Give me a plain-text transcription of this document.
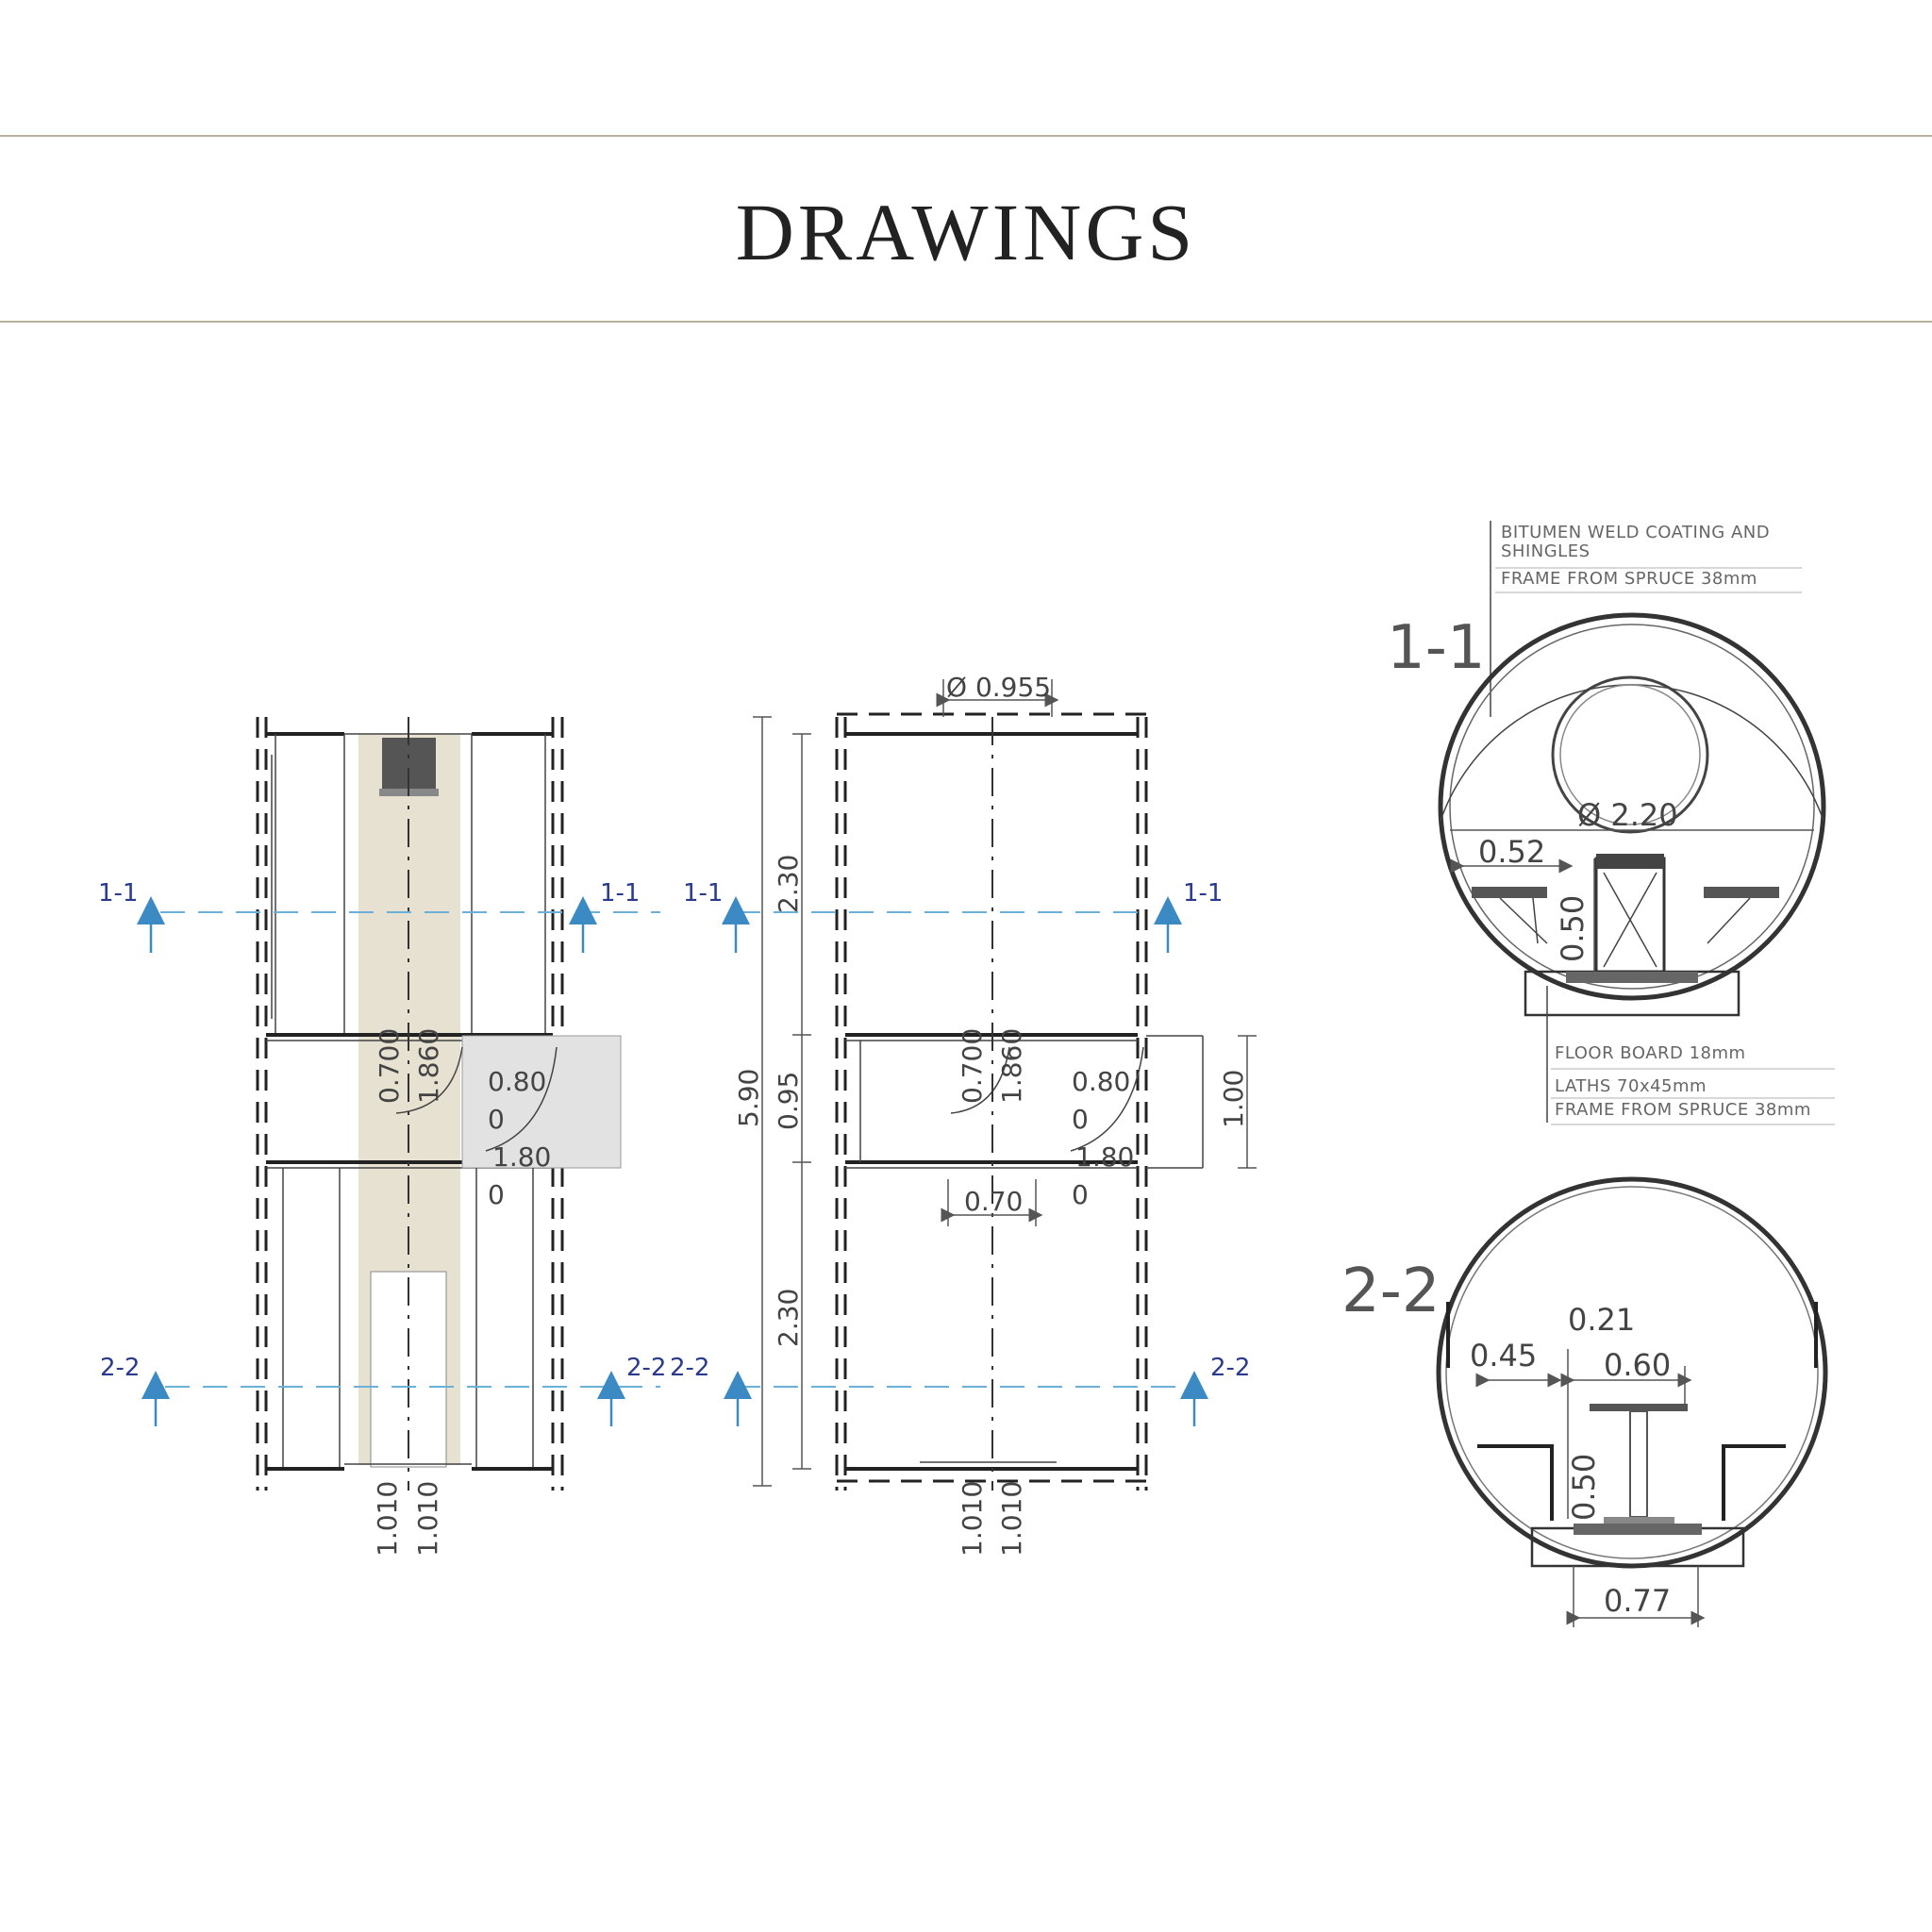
DRAWINGS
1-1	1-1
2-2	2-2
0.700 1.860 0.80
0
1.80
0
1.010 1.010
1-1	1-1
2-2	2-2
Ø 0.955
5.90
2.30
0.95
2.30
0.700 1.860 0.80
0
1.80
0
0.70
1.00
1.010 1.010
1-1
BITUMEN WELD COATING AND
SHINGLES
FRAME FROM SPRUCE 38mm
Ø 2.20
0.52
0.50
FLOOR BOARD 18mm
LATHS 70x45mm
FRAME FROM SPRUCE 38mm
2-2	0.21
0.45 0.60
0.50
0.77
